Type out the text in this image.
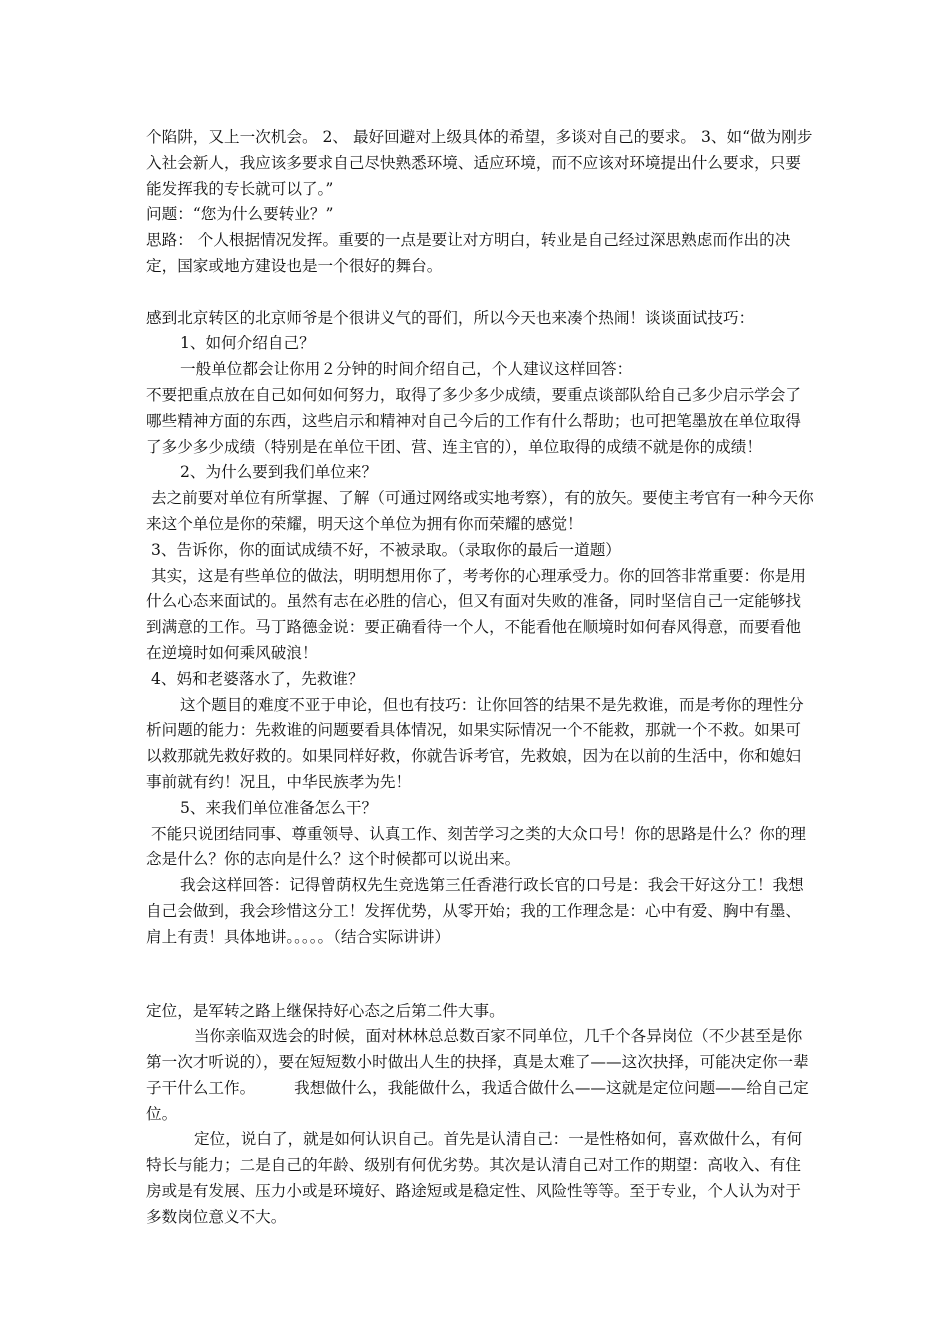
个陷阱，又上一次机会。 2、 最好回避对上级具体的希望，多谈对自己的要求。 3、如“做为刚步入社会新人，我应该多要求自己尽快熟悉环境、适应环境，而不应该对环境提出什么要求，只要能发挥我的专长就可以了。”

问题：“您为什么要转业？”

思路： 个人根据情况发挥。重要的一点是要让对方明白，转业是自己经过深思熟虑而作出的决定，国家或地方建设也是一个很好的舞台。

感到北京转区的北京师爷是个很讲义气的哥们，所以今天也来凑个热闹！谈谈面试技巧：

1、如何介绍自己？

一般单位都会让你用２分钟的时间介绍自己，个人建议这样回答：

不要把重点放在自己如何如何努力，取得了多少多少成绩，要重点谈部队给自己多少启示学会了哪些精神方面的东西，这些启示和精神对自己今后的工作有什么帮助；也可把笔墨放在单位取得了多少多少成绩（特别是在单位干团、营、连主官的），单位取得的成绩不就是你的成绩！

2、为什么要到我们单位来？

去之前要对单位有所掌握、了解（可通过网络或实地考察），有的放矢。要使主考官有一种今天你来这个单位是你的荣耀，明天这个单位为拥有你而荣耀的感觉！

3、告诉你，你的面试成绩不好，不被录取。（录取你的最后一道题）

其实，这是有些单位的做法，明明想用你了，考考你的心理承受力。你的回答非常重要：你是用什么心态来面试的。虽然有志在必胜的信心，但又有面对失败的准备，同时坚信自己一定能够找到满意的工作。马丁路德金说：要正确看待一个人，不能看他在顺境时如何春风得意，而要看他在逆境时如何乘风破浪！

4、妈和老婆落水了，先救谁？

这个题目的难度不亚于申论，但也有技巧：让你回答的结果不是先救谁，而是考你的理性分析问题的能力：先救谁的问题要看具体情况，如果实际情况一个不能救，那就一个不救。如果可以救那就先救好救的。如果同样好救，你就告诉考官，先救娘，因为在以前的生活中，你和媳妇事前就有约！况且，中华民族孝为先！

5、来我们单位准备怎么干？

不能只说团结同事、尊重领导、认真工作、刻苦学习之类的大众口号！你的思路是什么？你的理念是什么？你的志向是什么？这个时候都可以说出来。

我会这样回答：记得曾荫权先生竞选第三任香港行政长官的口号是：我会干好这分工！我想自己会做到，我会珍惜这分工！发挥优势，从零开始；我的工作理念是：心中有爱、胸中有墨、肩上有责！具体地讲。。。。。（结合实际讲讲）

定位，是军转之路上继保持好心态之后第二件大事。

当你亲临双选会的时候，面对林林总总数百家不同单位，几千个各异岗位（不少甚至是你第一次才听说的），要在短短数小时做出人生的抉择，真是太难了——这次抉择，可能决定你一辈子干什么工作。　　　我想做什么，我能做什么，我适合做什么——这就是定位问题——给自己定位。

定位，说白了，就是如何认识自己。首先是认清自己：一是性格如何，喜欢做什么，有何特长与能力；二是自己的年龄、级别有何优劣势。其次是认清自己对工作的期望：高收入、有住房或是有发展、压力小或是环境好、路途短或是稳定性、风险性等等。至于专业，个人认为对于多数岗位意义不大。
